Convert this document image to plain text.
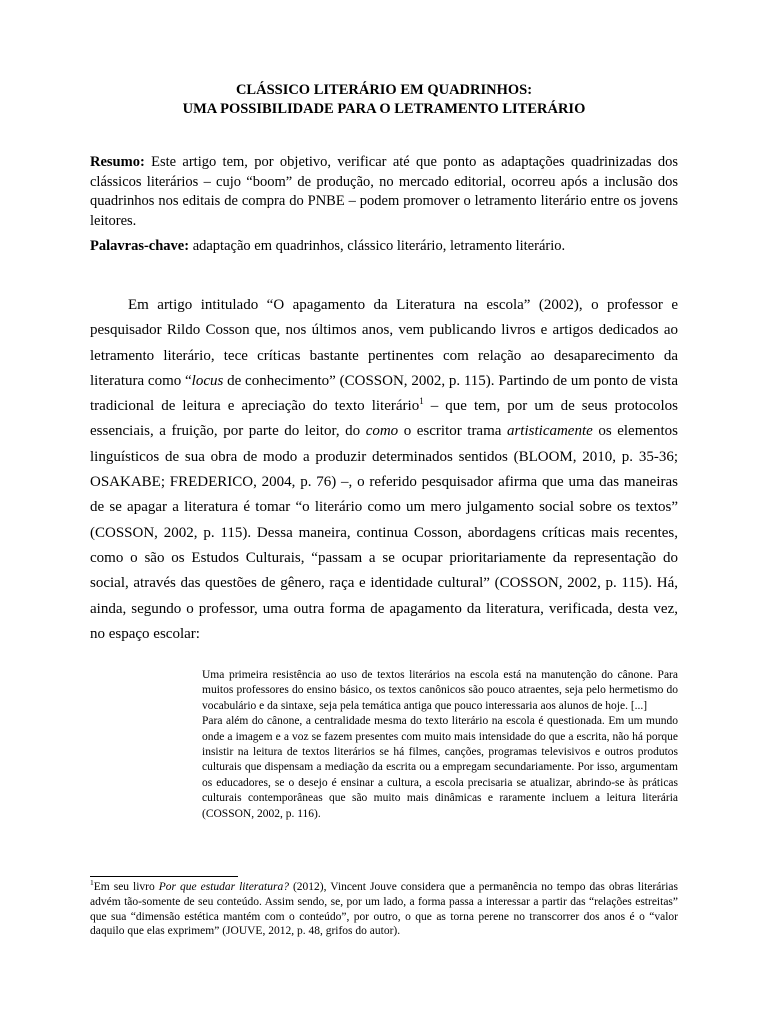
CLÁSSICO LITERÁRIO EM QUADRINHOS:
UMA POSSIBILIDADE PARA O LETRAMENTO LITERÁRIO

Resumo: Este artigo tem, por objetivo, verificar até que ponto as adaptações quadrinizadas dos clássicos literários – cujo “boom” de produção, no mercado editorial, ocorreu após a inclusão dos quadrinhos nos editais de compra do PNBE – podem promover o letramento literário entre os jovens leitores.

Palavras-chave: adaptação em quadrinhos, clássico literário, letramento literário.

Em artigo intitulado “O apagamento da Literatura na escola” (2002), o professor e pesquisador Rildo Cosson que, nos últimos anos, vem publicando livros e artigos dedicados ao letramento literário, tece críticas bastante pertinentes com relação ao desaparecimento da literatura como “locus de conhecimento” (COSSON, 2002, p. 115). Partindo de um ponto de vista tradicional de leitura e apreciação do texto literário$^1$ – que tem, por um de seus protocolos essenciais, a fruição, por parte do leitor, do como o escritor trama artisticamente os elementos linguísticos de sua obra de modo a produzir determinados sentidos (BLOOM, 2010, p. 35-36; OSAKABE; FREDERICO, 2004, p. 76) –, o referido pesquisador afirma que uma das maneiras de se apagar a literatura é tomar “o literário como um mero julgamento social sobre os textos” (COSSON, 2002, p. 115). Dessa maneira, continua Cosson, abordagens críticas mais recentes, como o são os Estudos Culturais, “passam a se ocupar prioritariamente da representação do social, através das questões de gênero, raça e identidade cultural” (COSSON, 2002, p. 115). Há, ainda, segundo o professor, uma outra forma de apagamento da literatura, verificada, desta vez, no espaço escolar:

Uma primeira resistência ao uso de textos literários na escola está na manutenção do cânone. Para muitos professores do ensino básico, os textos canônicos são pouco atraentes, seja pelo hermetismo do vocabulário e da sintaxe, seja pela temática antiga que pouco interessaria aos alunos de hoje. [...]

Para além do cânone, a centralidade mesma do texto literário na escola é questionada. Em um mundo onde a imagem e a voz se fazem presentes com muito mais intensidade do que a escrita, não há porque insistir na leitura de textos literários se há filmes, canções, programas televisivos e outros produtos culturais que dispensam a mediação da escrita ou a empregam secundariamente. Por isso, argumentam os educadores, se o desejo é ensinar a cultura, a escola precisaria se atualizar, abrindo-se às práticas culturais contemporâneas que são muito mais dinâmicas e raramente incluem a leitura literária (COSSON, 2002, p. 116).

$^1$Em seu livro Por que estudar literatura? (2012), Vincent Jouve considera que a permanência no tempo das obras literárias advém tão-somente de seu conteúdo. Assim sendo, se, por um lado, a forma passa a interessar a partir das “relações estreitas” que sua “dimensão estética mantém com o conteúdo”, por outro, o que as torna perene no transcorrer dos anos é o “valor daquilo que elas exprimem” (JOUVE, 2012, p. 48, grifos do autor).
